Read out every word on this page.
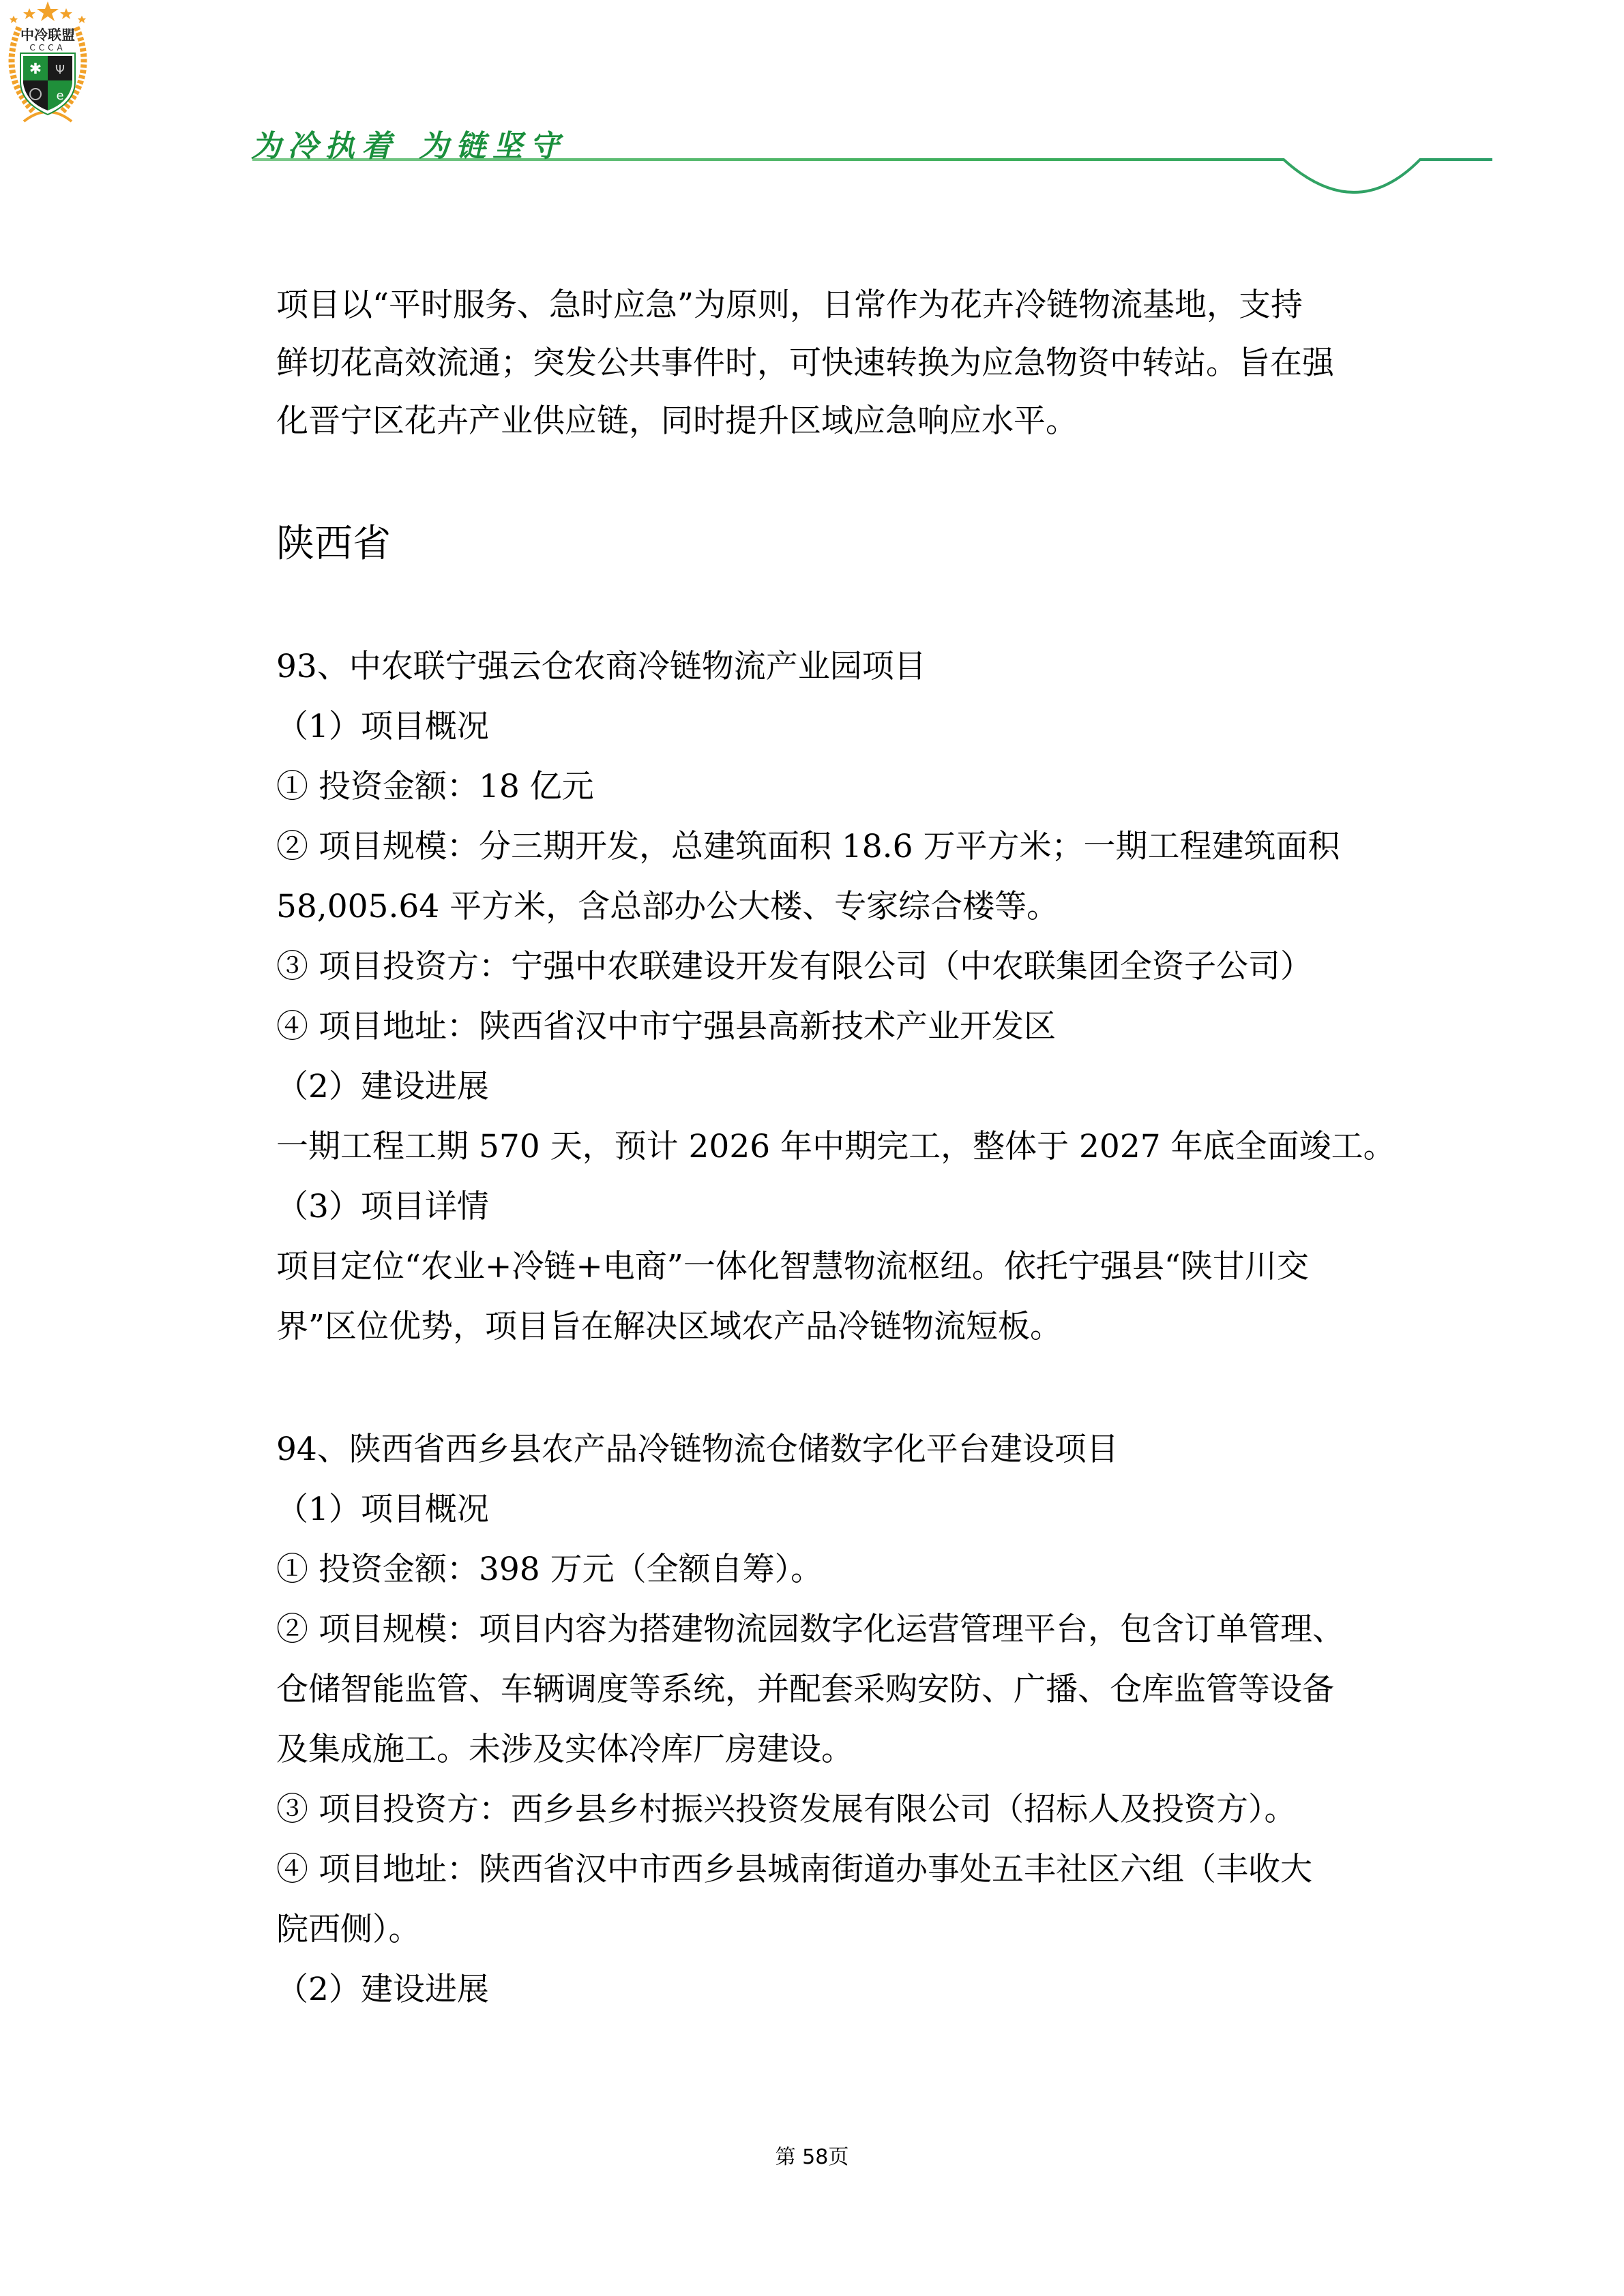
为冷执着 为链坚守
中冷联盟
CCCA
✱ Ψ
e
项目以“平时服务、急时应急”为原则，日常作为花卉冷链物流基地，支持
鲜切花高效流通；突发公共事件时，可快速转换为应急物资中转站。旨在强
化晋宁区花卉产业供应链，同时提升区域应急响应水平。
陕西省
93、中农联宁强云仓农商冷链物流产业园项目
（1）项目概况
① 投资金额：18 亿元
② 项目规模：分三期开发，总建筑面积 18.6 万平方米；一期工程建筑面积
58,005.64 平方米，含总部办公大楼、专家综合楼等。
③ 项目投资方：宁强中农联建设开发有限公司（中农联集团全资子公司）
④ 项目地址：陕西省汉中市宁强县高新技术产业开发区
（2）建设进展
一期工程工期 570 天，预计 2026 年中期完工，整体于 2027 年底全面竣工。
（3）项目详情
项目定位“农业+冷链+电商”一体化智慧物流枢纽。依托宁强县“陕甘川交
界”区位优势，项目旨在解决区域农产品冷链物流短板。
94、陕西省西乡县农产品冷链物流仓储数字化平台建设项目
（1）项目概况
① 投资金额：398 万元（全额自筹）。
② 项目规模：项目内容为搭建物流园数字化运营管理平台，包含订单管理、
仓储智能监管、车辆调度等系统，并配套采购安防、广播、仓库监管等设备
及集成施工。未涉及实体冷库厂房建设。
③ 项目投资方：西乡县乡村振兴投资发展有限公司（招标人及投资方）。
④ 项目地址：陕西省汉中市西乡县城南街道办事处五丰社区六组（丰收大
院西侧）。
（2）建设进展
第 58页
